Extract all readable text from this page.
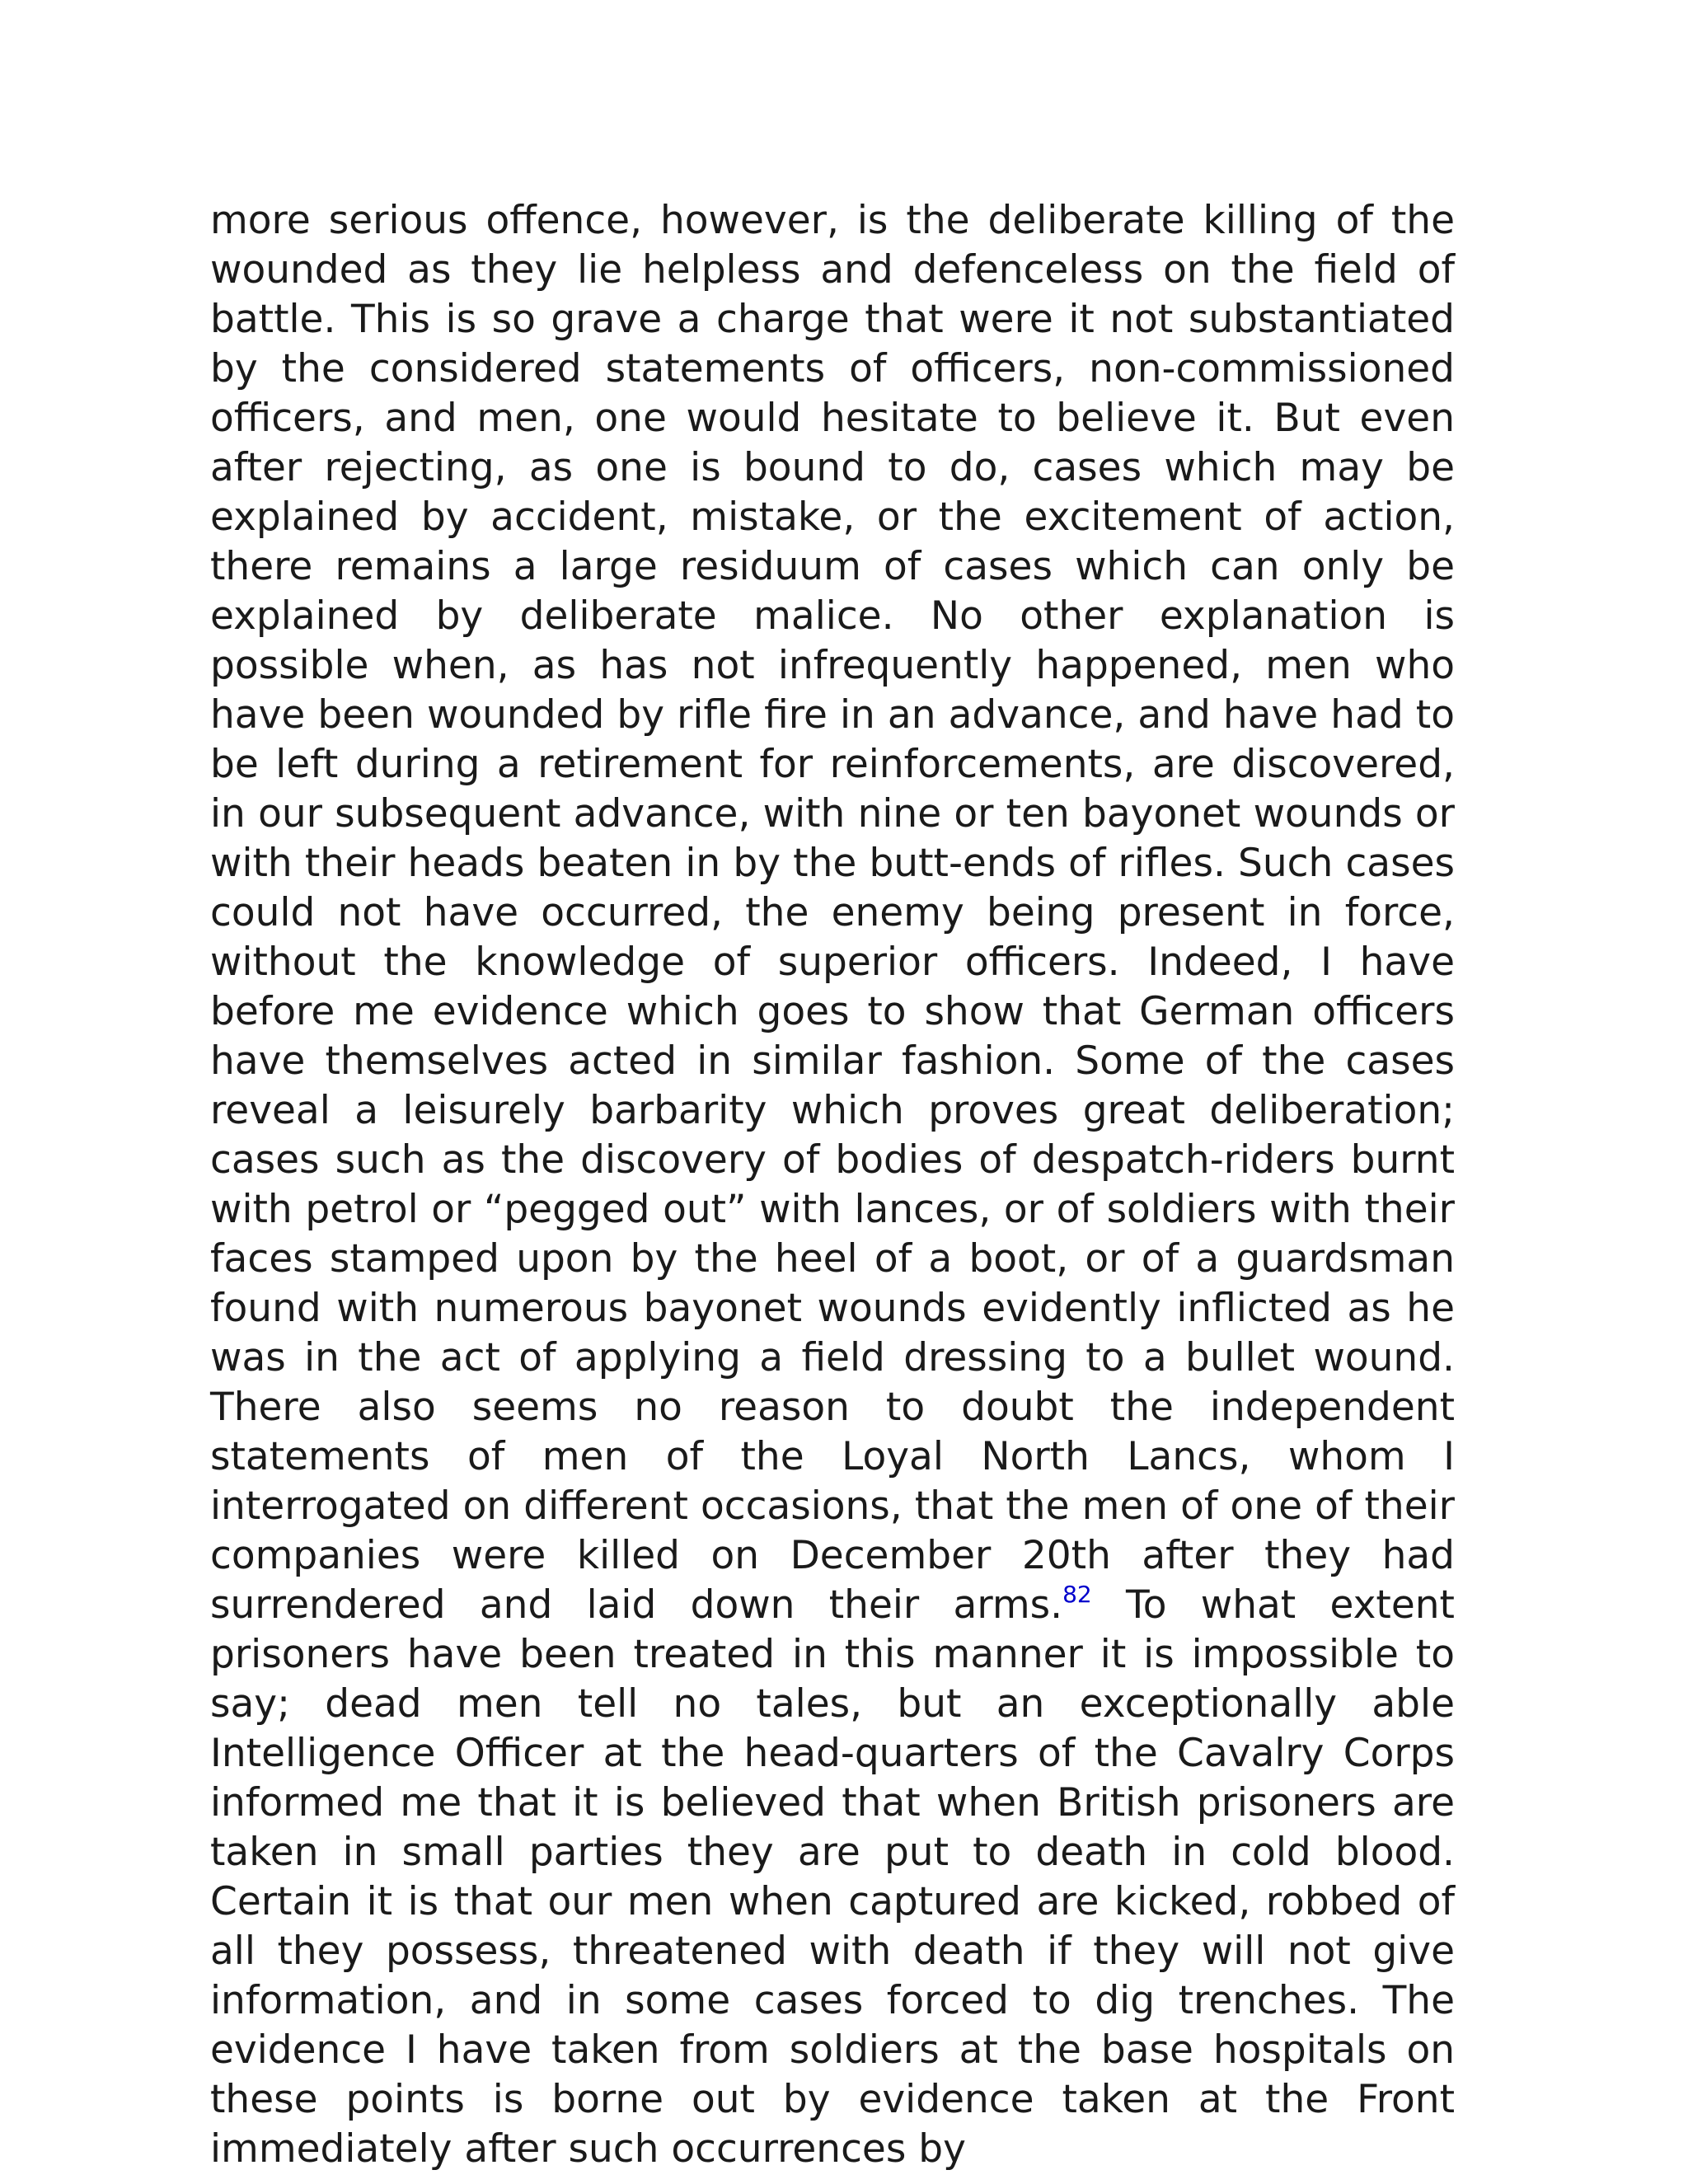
more serious offence, however, is the deliberate killing of the wounded as they lie helpless and defenceless on the field of battle. This is so grave a charge that were it not substantiated by the considered statements of officers, non-commissioned officers, and men, one would hesitate to believe it. But even after rejecting, as one is bound to do, cases which may be explained by accident, mistake, or the excitement of action, there remains a large residuum of cases which can only be explained by deliberate malice. No other explanation is possible when, as has not infrequently happened, men who have been wounded by rifle fire in an advance, and have had to be left during a retirement for reinforcements, are discovered, in our subsequent advance, with nine or ten bayonet wounds or with their heads beaten in by the butt-ends of rifles. Such cases could not have occurred, the enemy being present in force, without the knowledge of superior officers. Indeed, I have before me evidence which goes to show that German officers have themselves acted in similar fashion. Some of the cases reveal a leisurely barbarity which proves great deliberation; cases such as the discovery of bodies of despatch-riders burnt with petrol or “pegged out” with lances, or of soldiers with their faces stamped upon by the heel of a boot, or of a guardsman found with numerous bayonet wounds evidently inflicted as he was in the act of applying a field dressing to a bullet wound. There also seems no reason to doubt the independent statements of men of the Loyal North Lancs, whom I interrogated on different occasions, that the men of one of their companies were killed on December 20th after they had surrendered and laid down their arms.$^{82}$ To what extent prisoners have been treated in this manner it is impossible to say; dead men tell no tales, but an exceptionally able Intelligence Officer at the head-quarters of the Cavalry Corps informed me that it is believed that when British prisoners are taken in small parties they are put to death in cold blood. Certain it is that our men when captured are kicked, robbed of all they possess, threatened with death if they will not give information, and in some cases forced to dig trenches. The evidence I have taken from soldiers at the base hospitals on these points is borne out by evidence taken at the Front immediately after such occurrences by
